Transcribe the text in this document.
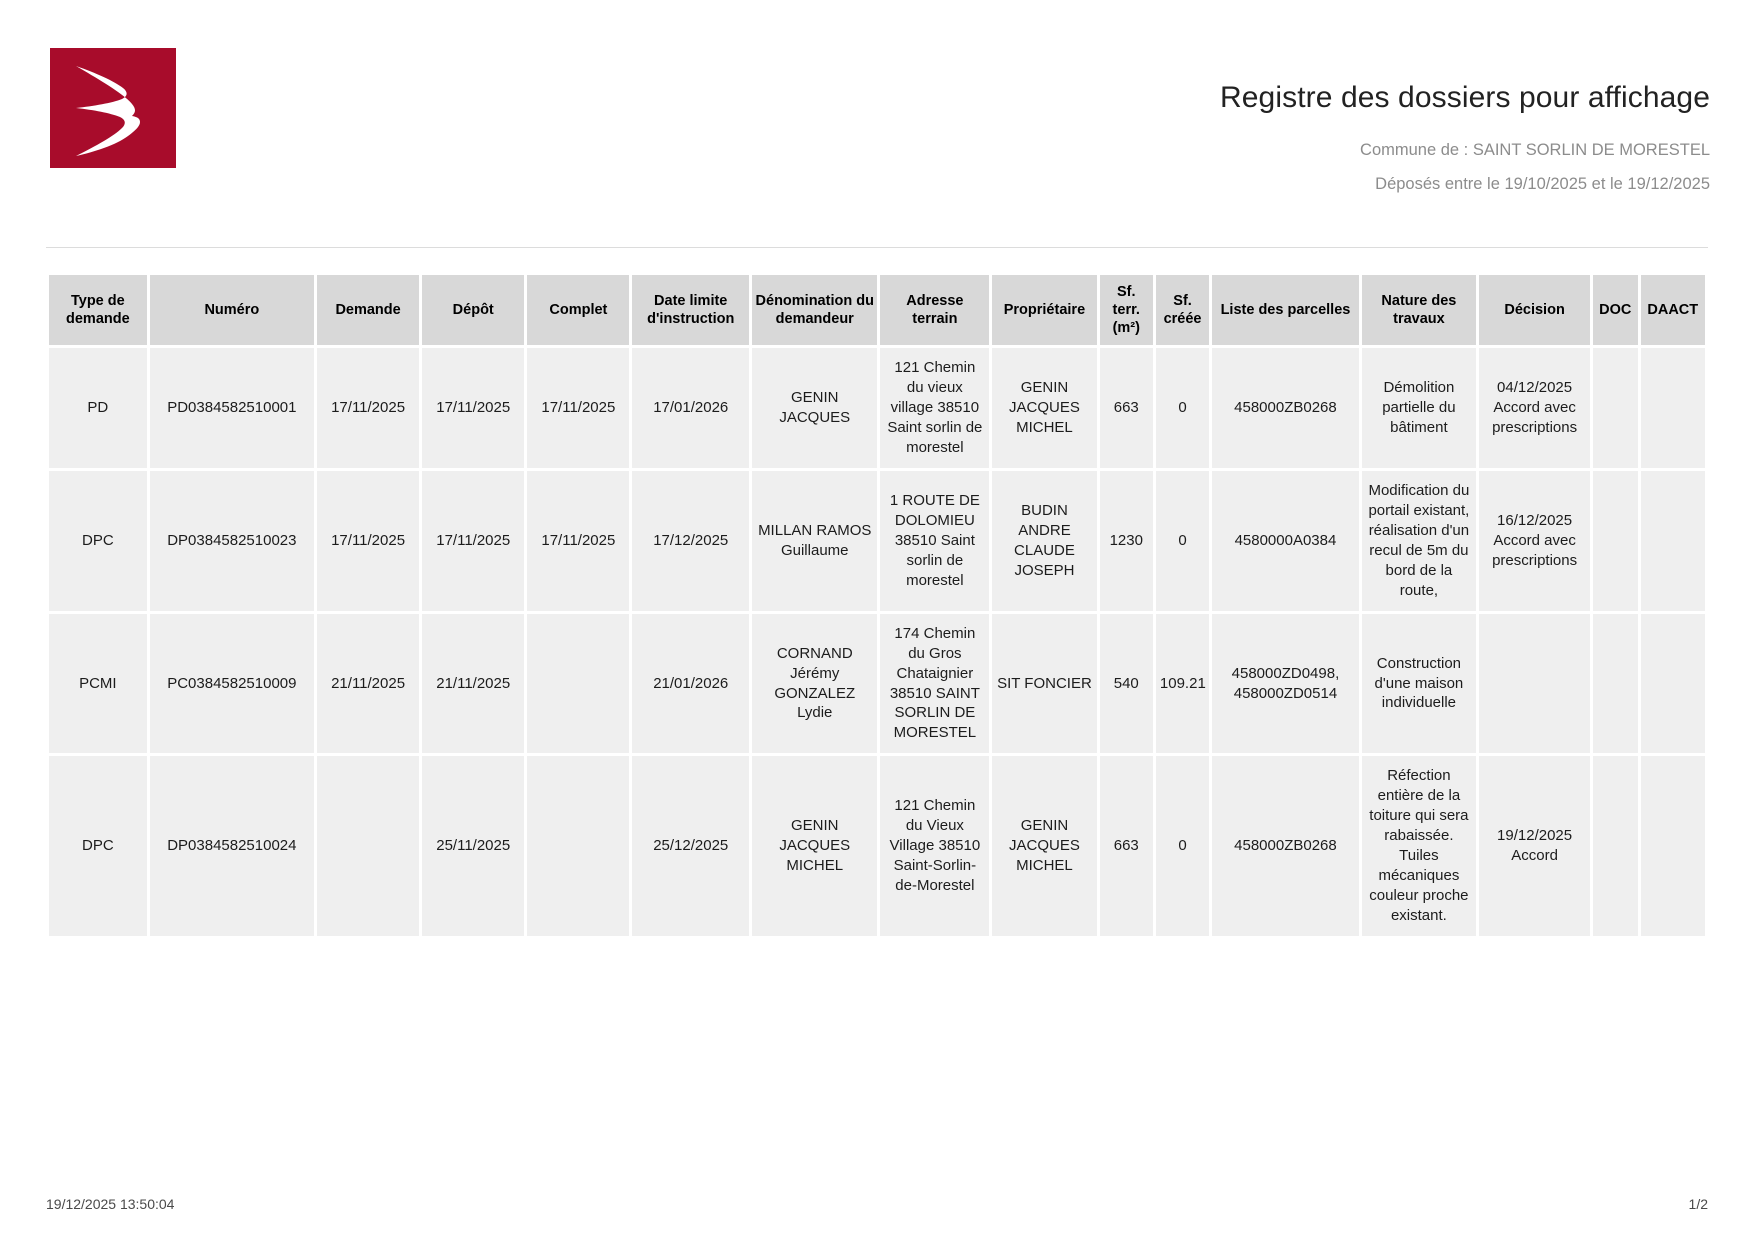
Registre des dossiers pour affichage
Commune de : SAINT SORLIN DE MORESTEL
Déposés entre le 19/10/2025 et le 19/12/2025
Type de demande	Numéro	Demande	Dépôt	Complet	Date limite d'instruction	Dénomination du demandeur	Adresse terrain	Propriétaire	Sf. terr. (m²)	Sf. créée	Liste des parcelles	Nature des travaux	Décision	DOC	DAACT
PD	PD0384582510001	17/11/2025	17/11/2025	17/11/2025	17/01/2026	GENIN JACQUES	121 Chemin du vieux village 38510 Saint sorlin de morestel	GENIN JACQUES MICHEL	663	0	458000ZB0268	Démolition partielle du bâtiment	04/12/2025 Accord avec prescriptions		
DPC	DP0384582510023	17/11/2025	17/11/2025	17/11/2025	17/12/2025	MILLAN RAMOS Guillaume	1 ROUTE DE DOLOMIEU 38510 Saint sorlin de morestel	BUDIN ANDRE CLAUDE JOSEPH	1230	0	4580000A0384	Modification du portail existant, réalisation d'un recul de 5m du bord de la route,	16/12/2025 Accord avec prescriptions		
PCMI	PC0384582510009	21/11/2025	21/11/2025		21/01/2026	CORNAND Jérémy GONZALEZ Lydie	174 Chemin du Gros Chataignier 38510 SAINT SORLIN DE MORESTEL	SIT FONCIER	540	109.21	458000ZD0498, 458000ZD0514	Construction d'une maison individuelle			
DPC	DP0384582510024		25/11/2025		25/12/2025	GENIN JACQUES MICHEL	121 Chemin du Vieux Village 38510 Saint-Sorlin-de-Morestel	GENIN JACQUES MICHEL	663	0	458000ZB0268	Réfection entière de la toiture qui sera rabaissée. Tuiles mécaniques couleur proche existant.	19/12/2025 Accord		
19/12/2025 13:50:04	1/2
